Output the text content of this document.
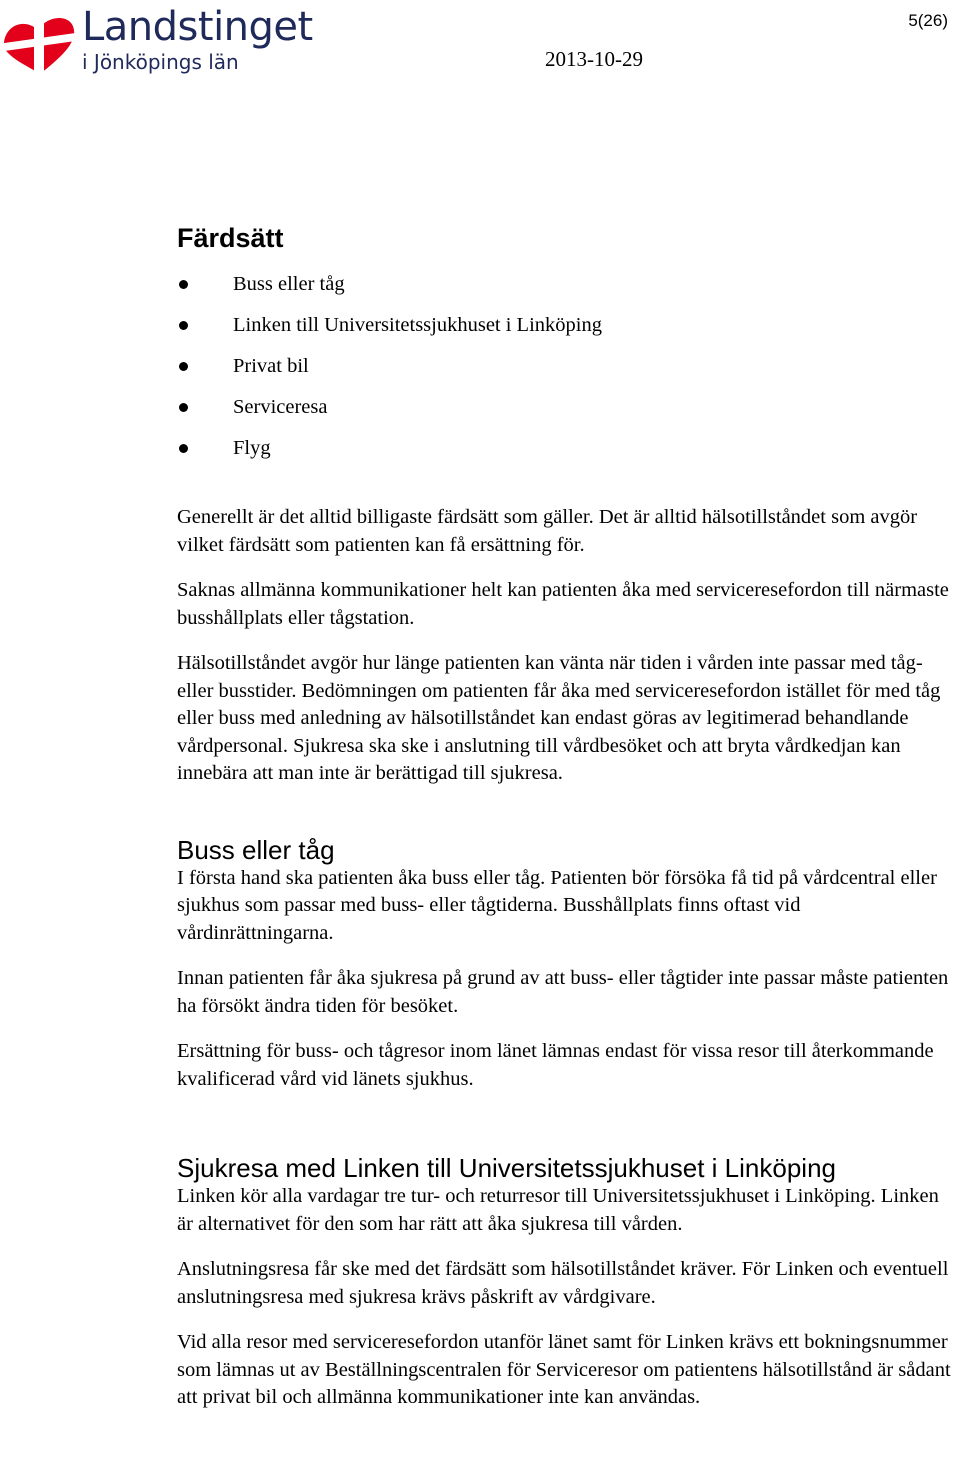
Landstinget
i Jönköpings län	2013-10-29
5(26)
Färdsätt
Buss eller tåg
Linken till Universitetssjukhuset i Linköping
Privat bil
Serviceresa
Flyg

Generellt är det alltid billigaste färdsätt som gäller. Det är alltid hälsotillståndet som avgör vilket färdsätt som patienten kan få ersättning för.

Saknas allmänna kommunikationer helt kan patienten åka med serviceresefordon till närmaste busshållplats eller tågstation.

Hälsotillståndet avgör hur länge patienten kan vänta när tiden i vården inte passar med tåg- eller busstider. Bedömningen om patienten får åka med serviceresefordon istället för med tåg eller buss med anledning av hälsotillståndet kan endast göras av legitimerad behandlande vårdpersonal. Sjukresa ska ske i anslutning till vårdbesöket och att bryta vårdkedjan kan innebära att man inte är berättigad till sjukresa.

Buss eller tåg

I första hand ska patienten åka buss eller tåg. Patienten bör försöka få tid på vårdcentral eller sjukhus som passar med buss- eller tågtiderna. Busshållplats finns oftast vid vårdinrättningarna.

Innan patienten får åka sjukresa på grund av att buss- eller tågtider inte passar måste patienten ha försökt ändra tiden för besöket.

Ersättning för buss- och tågresor inom länet lämnas endast för vissa resor till återkommande kvalificerad vård vid länets sjukhus.

Sjukresa med Linken till Universitetssjukhuset i Linköping

Linken kör alla vardagar tre tur- och returresor till Universitetssjukhuset i Linköping. Linken är alternativet för den som har rätt att åka sjukresa till vården.

Anslutningsresa får ske med det färdsätt som hälsotillståndet kräver. För Linken och eventuell anslutningsresa med sjukresa krävs påskrift av vårdgivare.

Vid alla resor med serviceresefordon utanför länet samt för Linken krävs ett bokningsnummer som lämnas ut av Beställningscentralen för Serviceresor om patientens hälsotillstånd är sådant att privat bil och allmänna kommunikationer inte kan användas.
